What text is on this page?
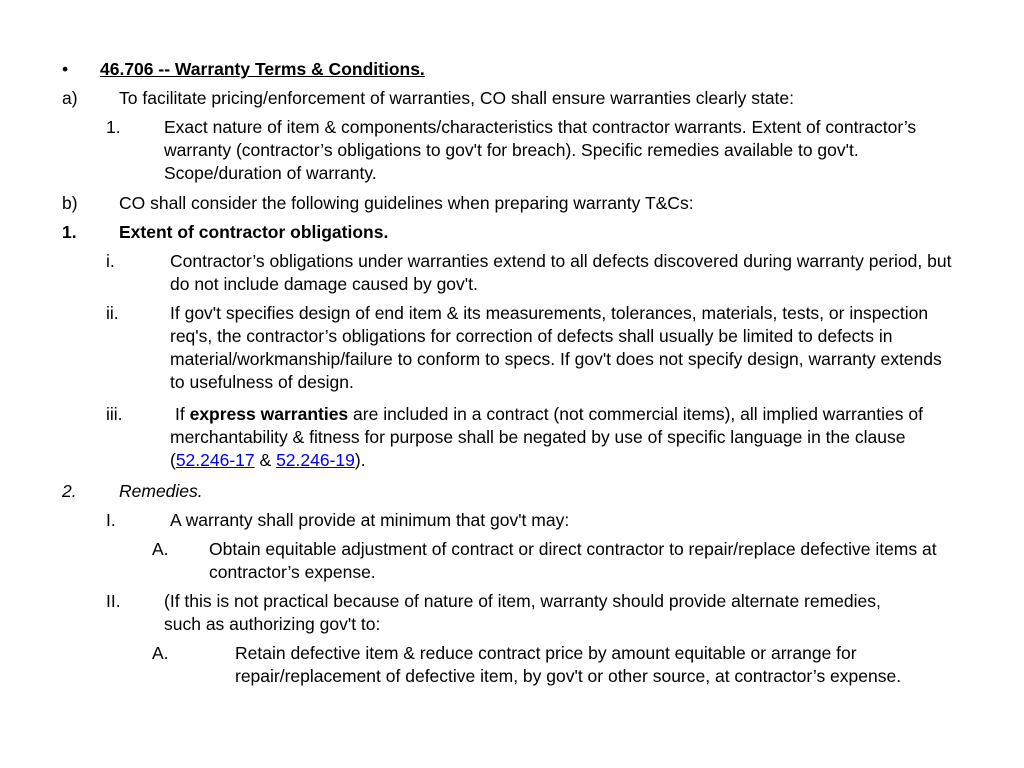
•	46.706 -- Warranty Terms & Conditions.
a)	To facilitate pricing/enforcement of warranties, CO shall ensure warranties clearly state:
1.	Exact nature of item & components/characteristics that contractor warrants. Extent of contractor’s warranty (contractor’s obligations to gov't for breach). Specific remedies available to gov't. Scope/duration of warranty.
b)	CO shall consider the following guidelines when preparing warranty T&Cs:
1.	Extent of contractor obligations.
i.	Contractor’s obligations under warranties extend to all defects discovered during warranty period, but do not include damage caused by gov't.
ii.	If gov't specifies design of end item & its measurements, tolerances, materials, tests, or inspection req's, the contractor’s obligations for correction of defects shall usually be limited to defects in material/workmanship/failure to conform to specs. If gov't does not specify design, warranty extends to usefulness of design.
iii.	If express warranties are included in a contract (not commercial items), all implied warranties of merchantability & fitness for purpose shall be negated by use of specific language in the clause (52.246-17 & 52.246-19).
2.	Remedies.
I.	A warranty shall provide at minimum that gov't may:
A.	Obtain equitable adjustment of contract or direct contractor to repair/replace defective items at contractor’s expense.
II.	(If this is not practical because of nature of item, warranty should provide alternate remedies, such as authorizing gov't to:
A.	Retain defective item & reduce contract price by amount equitable or arrange for repair/replacement of defective item, by gov't or other source, at contractor’s expense.
